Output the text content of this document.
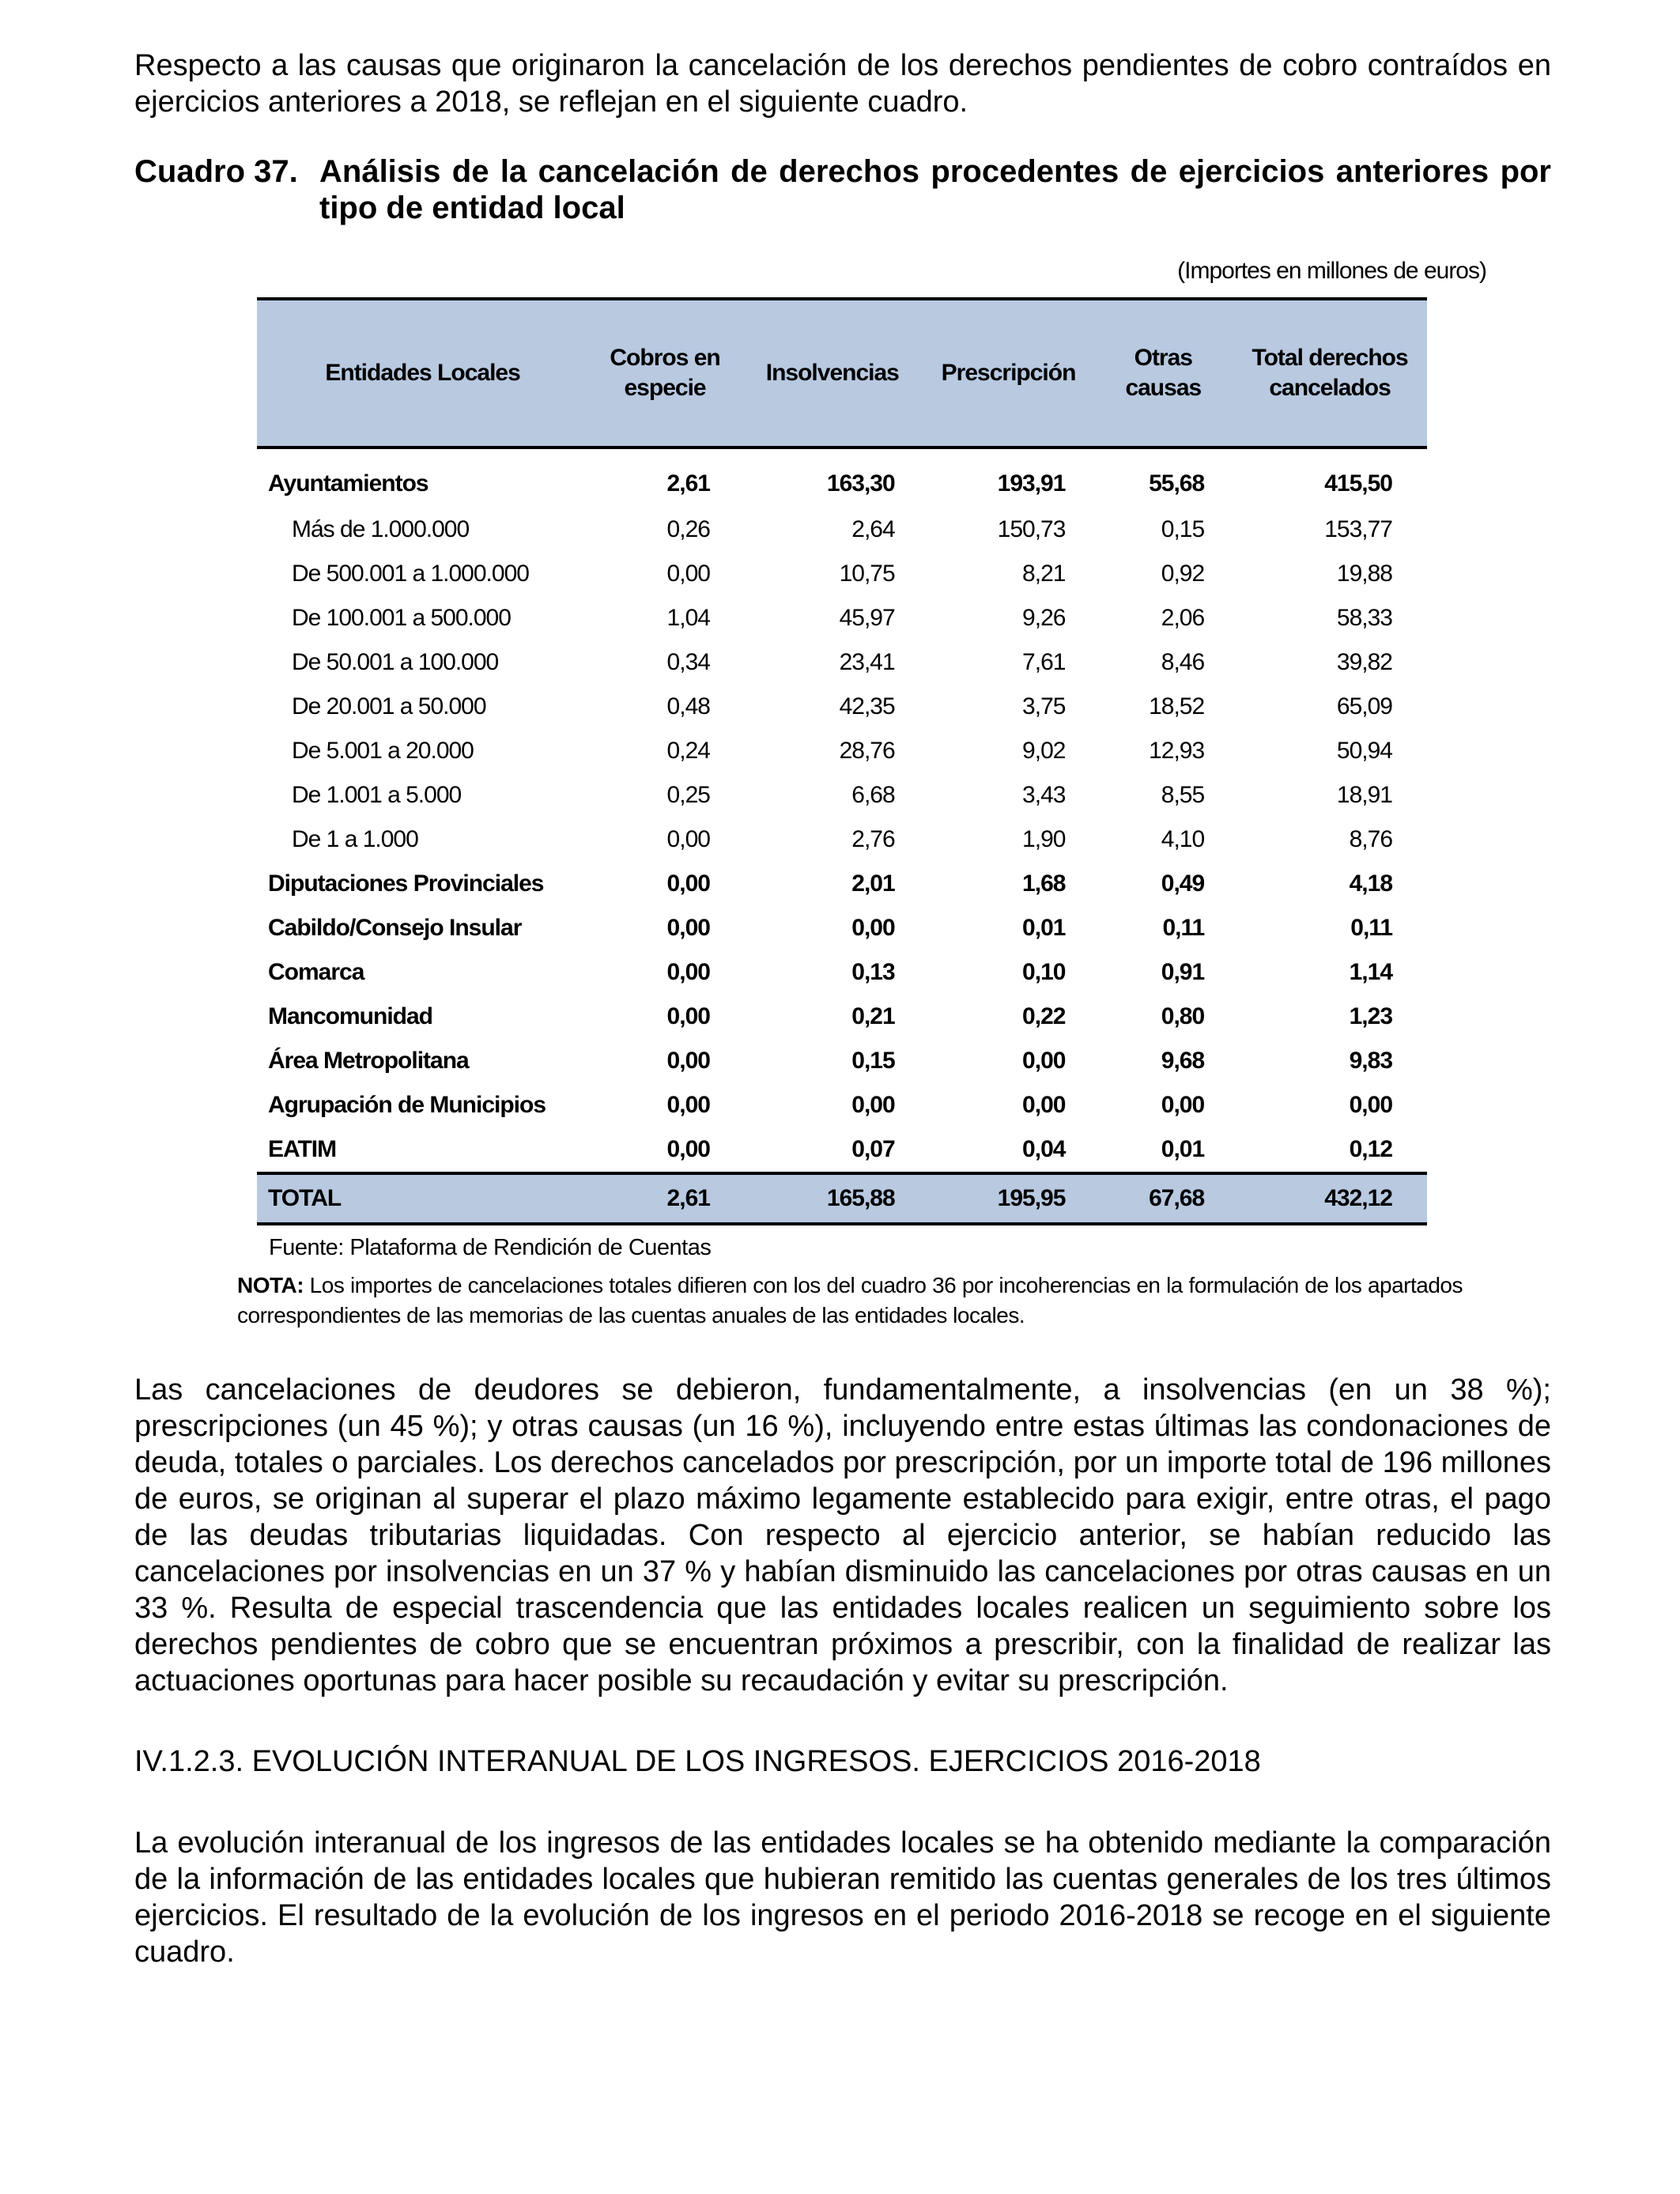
Respecto a las causas que originaron la cancelación de los derechos pendientes de cobro contraídos en ejercicios anteriores a 2018, se reflejan en el siguiente cuadro.

Cuadro 37. Análisis de la cancelación de derechos procedentes de ejercicios anteriores por tipo de entidad local
(Importes en millones de euros)
Entidades Locales	Cobros en especie	Insolvencias	Prescripción	Otras causas	Total derechos cancelados
Ayuntamientos	2,61	163,30	193,91	55,68	415,50
Más de 1.000.000	0,26	2,64	150,73	0,15	153,77
De 500.001 a 1.000.000	0,00	10,75	8,21	0,92	19,88
De 100.001 a 500.000	1,04	45,97	9,26	2,06	58,33
De 50.001 a 100.000	0,34	23,41	7,61	8,46	39,82
De 20.001 a 50.000	0,48	42,35	3,75	18,52	65,09
De 5.001 a 20.000	0,24	28,76	9,02	12,93	50,94
De 1.001 a 5.000	0,25	6,68	3,43	8,55	18,91
De 1 a 1.000	0,00	2,76	1,90	4,10	8,76
Diputaciones Provinciales	0,00	2,01	1,68	0,49	4,18
Cabildo/Consejo Insular	0,00	0,00	0,01	0,11	0,11
Comarca	0,00	0,13	0,10	0,91	1,14
Mancomunidad	0,00	0,21	0,22	0,80	1,23
Área Metropolitana	0,00	0,15	0,00	9,68	9,83
Agrupación de Municipios	0,00	0,00	0,00	0,00	0,00
EATIM	0,00	0,07	0,04	0,01	0,12
TOTAL	2,61	165,88	195,95	67,68	432,12
Fuente: Plataforma de Rendición de Cuentas
NOTA: Los importes de cancelaciones totales difieren con los del cuadro 36 por incoherencias en la formulación de los apartados correspondientes de las memorias de las cuentas anuales de las entidades locales.

Las cancelaciones de deudores se debieron, fundamentalmente, a insolvencias (en un 38 %); prescripciones (un 45 %); y otras causas (un 16 %), incluyendo entre estas últimas las condonaciones de deuda, totales o parciales. Los derechos cancelados por prescripción, por un importe total de 196 millones de euros, se originan al superar el plazo máximo legamente establecido para exigir, entre otras, el pago de las deudas tributarias liquidadas. Con respecto al ejercicio anterior, se habían reducido las cancelaciones por insolvencias en un 37 % y habían disminuido las cancelaciones por otras causas en un 33 %. Resulta de especial trascendencia que las entidades locales realicen un seguimiento sobre los derechos pendientes de cobro que se encuentran próximos a prescribir, con la finalidad de realizar las actuaciones oportunas para hacer posible su recaudación y evitar su prescripción.

IV.1.2.3. EVOLUCIÓN INTERANUAL DE LOS INGRESOS. EJERCICIOS 2016-2018

La evolución interanual de los ingresos de las entidades locales se ha obtenido mediante la comparación de la información de las entidades locales que hubieran remitido las cuentas generales de los tres últimos ejercicios. El resultado de la evolución de los ingresos en el periodo 2016-2018 se recoge en el siguiente cuadro.
